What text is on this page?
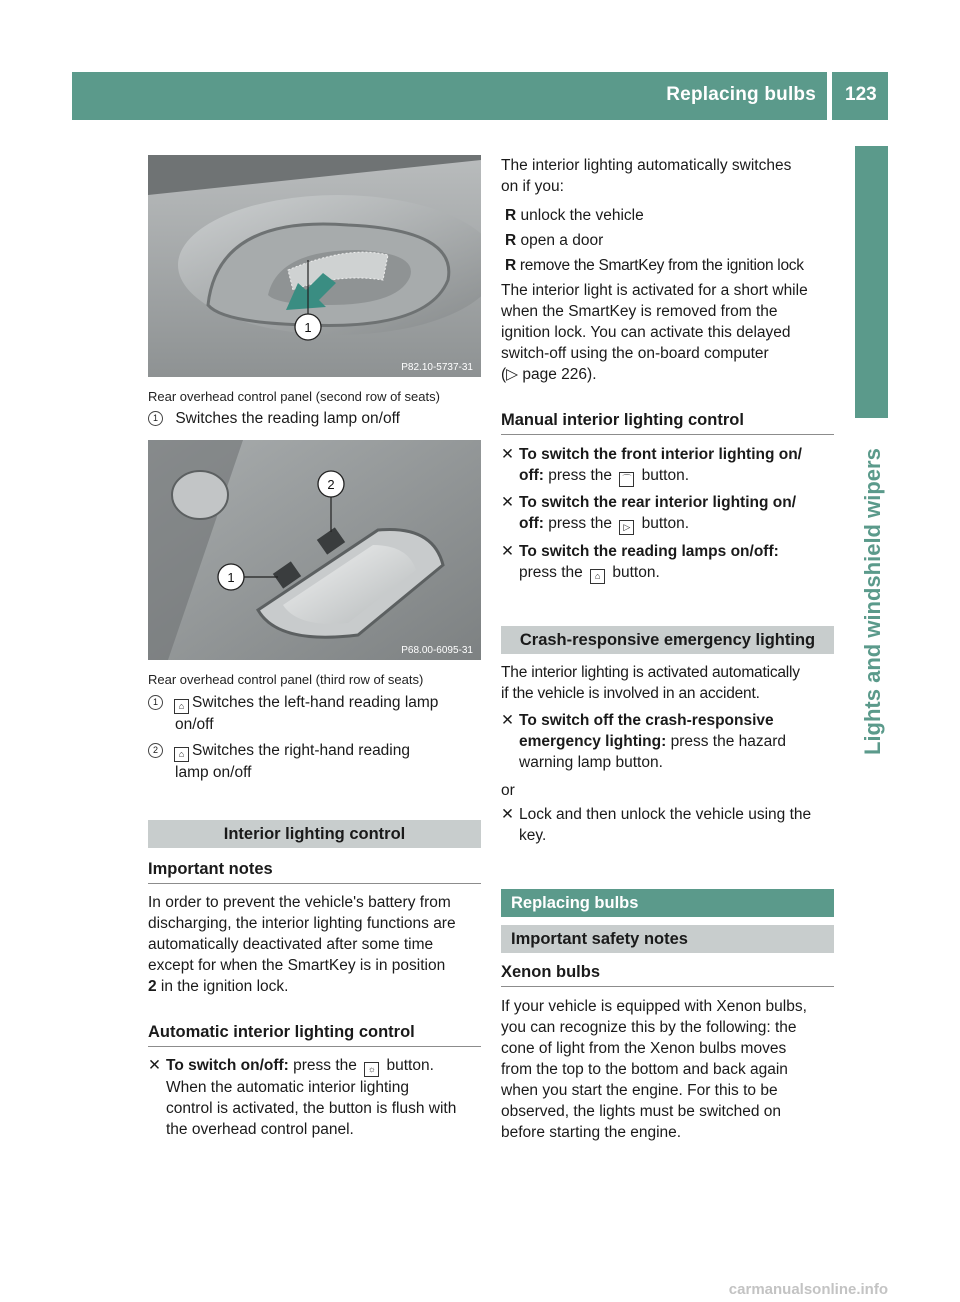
Replacing bulbs 123
Lights and windshield wipers
1
P82.10-5737-31
Rear overhead control panel (second row of seats)
1 Switches the reading lamp on/off
2
1
P68.00-6095-31
Rear overhead control panel (third row of seats)
1 ⌂ Switches the left-hand reading lamp
on/off
2 ⌂ Switches the right-hand reading
lamp on/off
Interior lighting control
Important notes
In order to prevent the vehicle's battery from
discharging, the interior lighting functions are
automatically deactivated after some time
except for when the SmartKey is in position
2 in the ignition lock.
Automatic interior lighting control
✕ To switch on/off: press the ☼ button.
When the automatic interior lighting
control is activated, the button is flush with
the overhead control panel.
The interior lighting automatically switches
on if you:
R unlock the vehicle
R open a door
R remove the SmartKey from the ignition lock
The interior light is activated for a short while
when the SmartKey is removed from the
ignition lock. You can activate this delayed
switch-off using the on-board computer
(▷ page 226).
Manual interior lighting control
✕ To switch the front interior lighting on/
off: press the ⌒ button.
✕ To switch the rear interior lighting on/
off: press the ▷ button.
✕ To switch the reading lamps on/off:
press the ⌂ button.
Crash-responsive emergency lighting
The interior lighting is activated automatically
if the vehicle is involved in an accident.
✕ To switch off the crash-responsive
emergency lighting: press the hazard
warning lamp button.
or
✕ Lock and then unlock the vehicle using the
key.
Replacing bulbs
Important safety notes
Xenon bulbs
If your vehicle is equipped with Xenon bulbs,
you can recognize this by the following: the
cone of light from the Xenon bulbs moves
from the top to the bottom and back again
when you start the engine. For this to be
observed, the lights must be switched on
before starting the engine.
carmanualsonline.info
